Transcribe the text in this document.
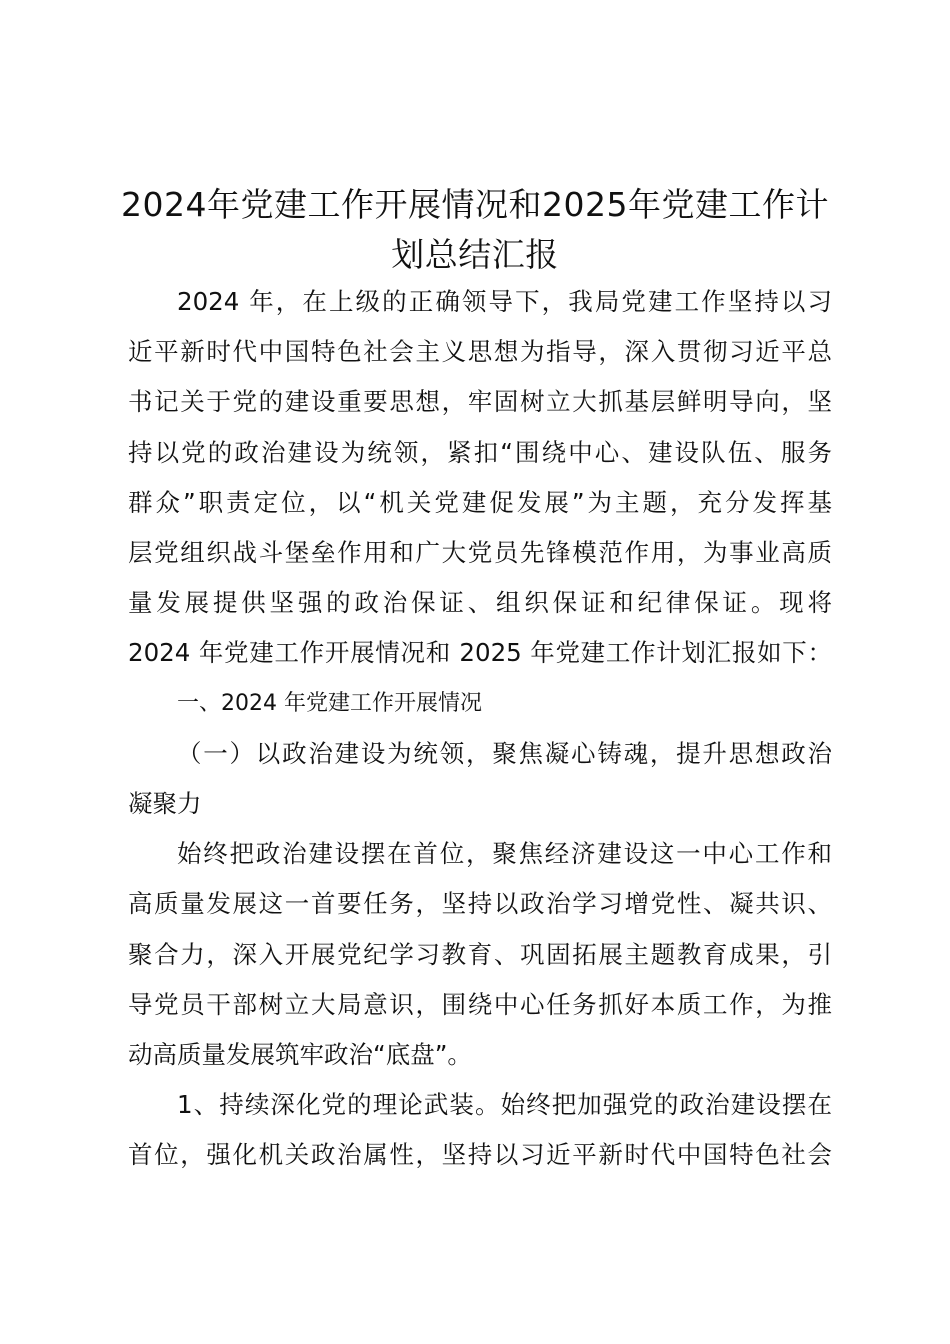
2024年党建工作开展情况和2025年党建工作计划总结汇报
2024 年，在上级的正确领导下，我局党建工作坚持以习
近平新时代中国特色社会主义思想为指导，深入贯彻习近平总
书记关于党的建设重要思想，牢固树立大抓基层鲜明导向，坚
持以党的政治建设为统领，紧扣“围绕中心、建设队伍、服务
群众”职责定位，以“机关党建促发展”为主题，充分发挥基
层党组织战斗堡垒作用和广大党员先锋模范作用，为事业高质
量发展提供坚强的政治保证、组织保证和纪律保证。现将
2024 年党建工作开展情况和 2025 年党建工作计划汇报如下：
一、2024 年党建工作开展情况
（一）以政治建设为统领，聚焦凝心铸魂，提升思想政治
凝聚力
始终把政治建设摆在首位，聚焦经济建设这一中心工作和
高质量发展这一首要任务，坚持以政治学习增党性、凝共识、
聚合力，深入开展党纪学习教育、巩固拓展主题教育成果，引
导党员干部树立大局意识，围绕中心任务抓好本质工作，为推
动高质量发展筑牢政治“底盘”。
1、持续深化党的理论武装。始终把加强党的政治建设摆在
首位，强化机关政治属性，坚持以习近平新时代中国特色社会
